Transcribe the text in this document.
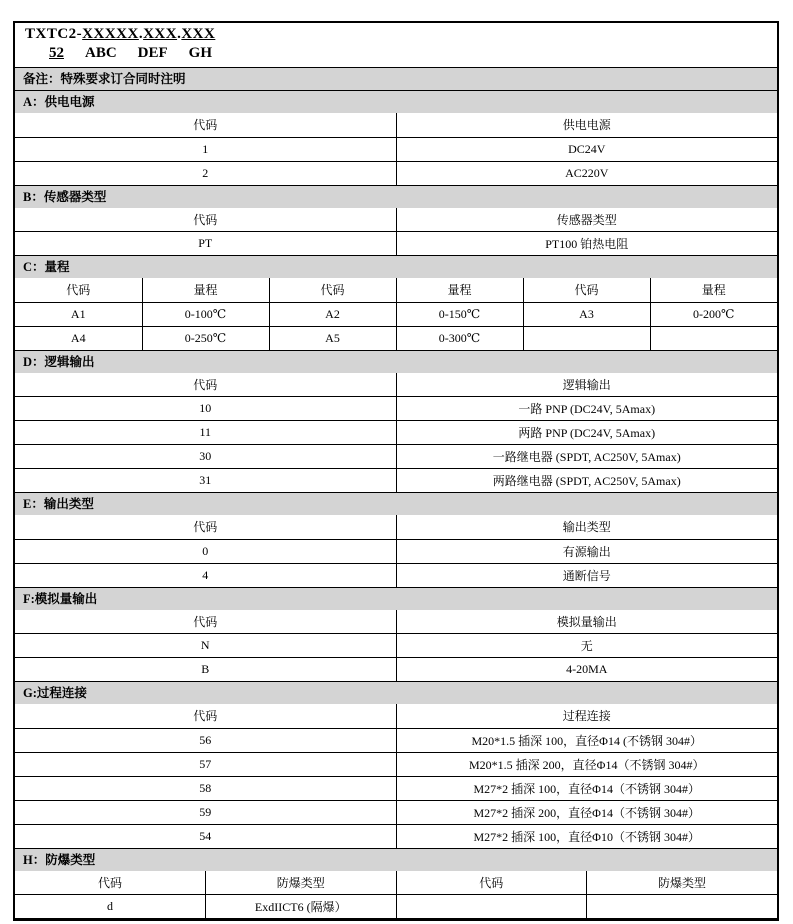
TXTC2-XXXXX.XXX.XXX
52 ABC DEF GH
备注：特殊要求订合同时注明
A：供电电源
代码	供电电源
1	DC24V
2	AC220V
B：传感器类型
代码	传感器类型
PT	PT100 铂热电阻
C：量程
代码	量程	代码	量程	代码	量程
A1	0-100℃	A2	0-150℃	A3	0-200℃
A4	0-250℃	A5	0-300℃		
D：逻辑输出
代码	逻辑输出
10	一路 PNP (DC24V, 5Amax)
11	两路 PNP (DC24V, 5Amax)
30	一路继电器 (SPDT, AC250V, 5Amax)
31	两路继电器 (SPDT, AC250V, 5Amax)
E：输出类型
代码	输出类型
0	有源输出
4	通断信号
F:模拟量输出
代码	模拟量输出
N	无
B	4-20MA
G:过程连接
代码	过程连接
56	M20*1.5 插深 100，直径Φ14 (不锈钢 304#）
57	M20*1.5 插深 200，直径Φ14（不锈钢 304#）
58	M27*2 插深 100，直径Φ14（不锈钢 304#）
59	M27*2 插深 200，直径Φ14（不锈钢 304#）
54	M27*2 插深 100，直径Φ10（不锈钢 304#）
H：防爆类型
代码	防爆类型	代码	防爆类型
d	ExdIICT6 (隔爆）		
